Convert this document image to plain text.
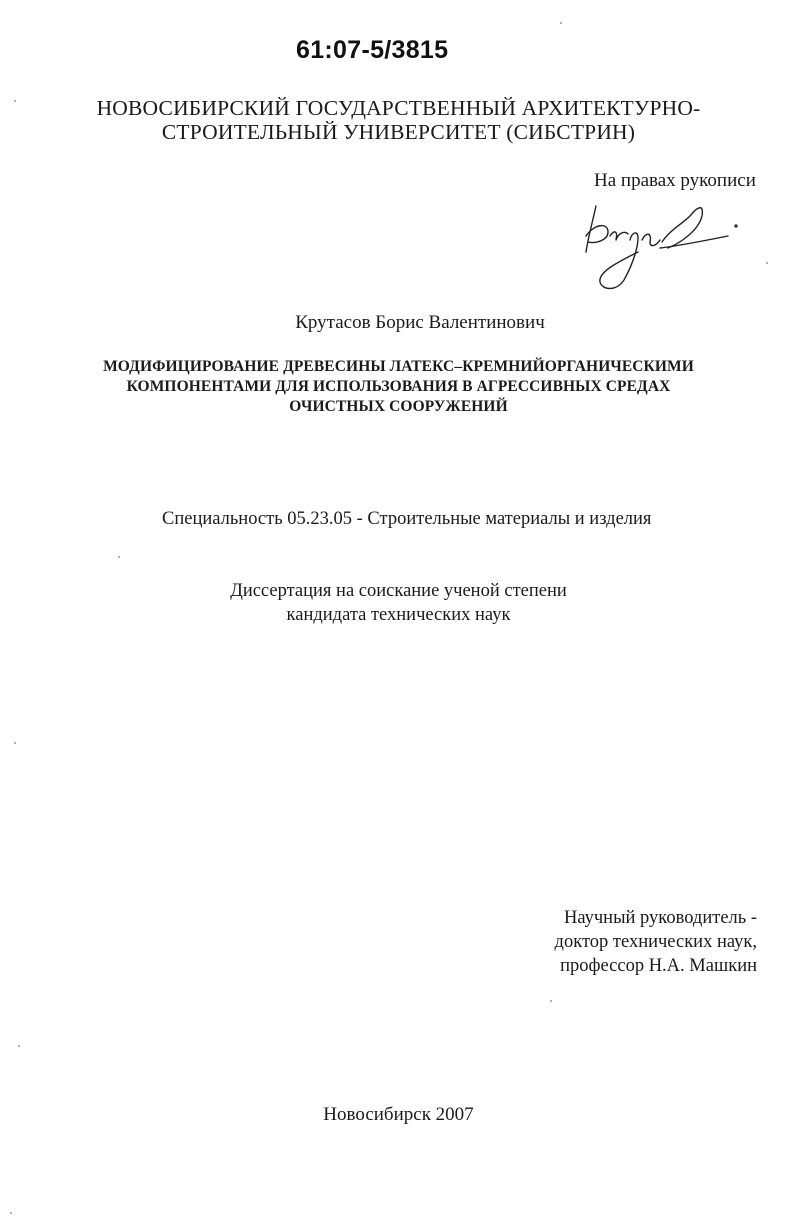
61:07-5/3815
НОВОСИБИРСКИЙ ГОСУДАРСТВЕННЫЙ АРХИТЕКТУРНО-
СТРОИТЕЛЬНЫЙ УНИВЕРСИТЕТ (СИБСТРИН)
На правах рукописи
Крутасов Борис Валентинович
МОДИФИЦИРОВАНИЕ ДРЕВЕСИНЫ ЛАТЕКС–КРЕМНИЙОРГАНИЧЕСКИМИ
КОМПОНЕНТАМИ ДЛЯ ИСПОЛЬЗОВАНИЯ В АГРЕССИВНЫХ СРЕДАХ
ОЧИСТНЫХ СООРУЖЕНИЙ
Специальность 05.23.05 - Строительные материалы и изделия
Диссертация на соискание ученой степени
кандидата технических наук
Научный руководитель -
доктор технических наук,
профессор Н.А. Машкин
Новосибирск 2007
